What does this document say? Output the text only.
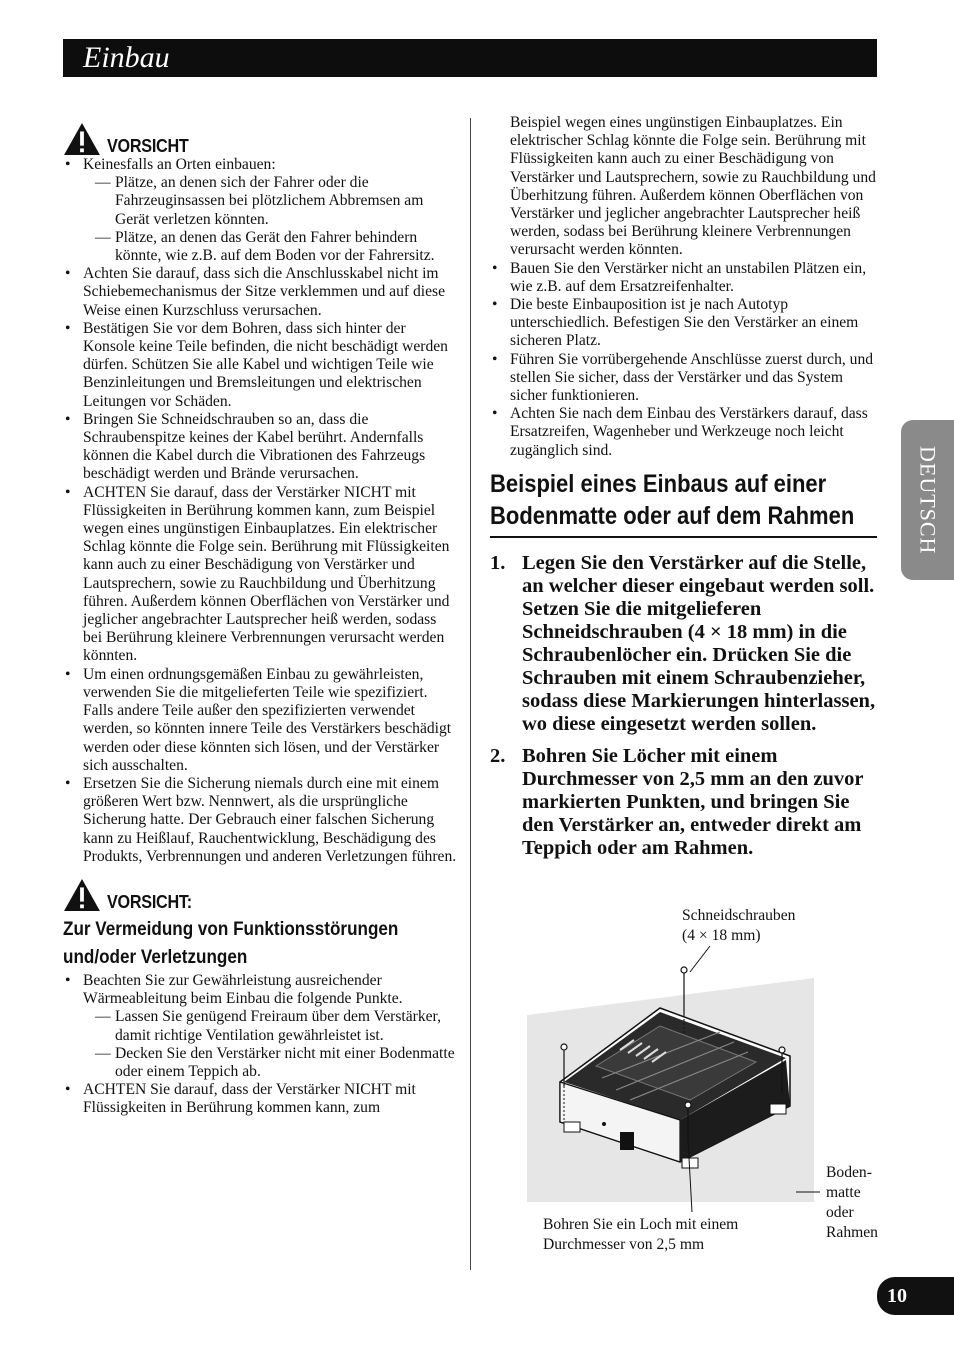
Einbau
DEUTSCH
10
VORSICHT
• Keinesfalls an Orten einbauen:
— Plätze, an denen sich der Fahrer oder die Fahrzeuginsassen bei plötzlichem Abbremsen am Gerät verletzen könnten.
— Plätze, an denen das Gerät den Fahrer behindern könnte, wie z.B. auf dem Boden vor der Fahrersitz.
• Achten Sie darauf, dass sich die Anschlusskabel nicht im Schiebemechanismus der Sitze verklemmen und auf diese Weise einen Kurzschluss verursachen.
• Bestätigen Sie vor dem Bohren, dass sich hinter der Konsole keine Teile befinden, die nicht beschädigt werden dürfen. Schützen Sie alle Kabel und wichtigen Teile wie Benzinleitungen und Bremsleitungen und elektrischen Leitungen vor Schäden.
• Bringen Sie Schneidschrauben so an, dass die Schraubenspitze keines der Kabel berührt. Andernfalls können die Kabel durch die Vibrationen des Fahrzeugs beschädigt werden und Brände verursachen.
• ACHTEN Sie darauf, dass der Verstärker NICHT mit Flüssigkeiten in Berührung kommen kann, zum Beispiel wegen eines ungünstigen Einbauplatzes. Ein elektrischer Schlag könnte die Folge sein. Berührung mit Flüssigkeiten kann auch zu einer Beschädigung von Verstärker und Lautsprechern, sowie zu Rauchbildung und Überhitzung führen. Außerdem können Oberflächen von Verstärker und jeglicher angebrachter Lautsprecher heiß werden, sodass bei Berührung kleinere Verbrennungen verursacht werden könnten.
• Um einen ordnungsgemäßen Einbau zu gewährleisten, verwenden Sie die mitgelieferten Teile wie spezifiziert. Falls andere Teile außer den spezifizierten verwendet werden, so könnten innere Teile des Verstärkers beschädigt werden oder diese könnten sich lösen, und der Verstärker sich ausschalten.
• Ersetzen Sie die Sicherung niemals durch eine mit einem größeren Wert bzw. Nennwert, als die ursprüngliche Sicherung hatte. Der Gebrauch einer falschen Sicherung kann zu Heißlauf, Rauchentwicklung, Beschädigung des Produkts, Verbrennungen und anderen Verletzungen führen.
VORSICHT:
Zur Vermeidung von Funktionsstörungen und/oder Verletzungen
• Beachten Sie zur Gewährleistung ausreichender Wärmeableitung beim Einbau die folgende Punkte.
— Lassen Sie genügend Freiraum über dem Verstärker, damit richtige Ventilation gewährleistet ist.
— Decken Sie den Verstärker nicht mit einer Bodenmatte oder einem Teppich ab.
• ACHTEN Sie darauf, dass der Verstärker NICHT mit Flüssigkeiten in Berührung kommen kann, zum
Beispiel wegen eines ungünstigen Einbauplatzes. Ein elektrischer Schlag könnte die Folge sein. Berührung mit Flüssigkeiten kann auch zu einer Beschädigung von Verstärker und Lautsprechern, sowie zu Rauchbildung und Überhitzung führen. Außerdem können Oberflächen von Verstärker und jeglicher angebrachter Lautsprecher heiß werden, sodass bei Berührung kleinere Verbrennungen verursacht werden könnten.
• Bauen Sie den Verstärker nicht an unstabilen Plätzen ein, wie z.B. auf dem Ersatzreifenhalter.
• Die beste Einbauposition ist je nach Autotyp unterschiedlich. Befestigen Sie den Verstärker an einem sicheren Platz.
• Führen Sie vorrübergehende Anschlüsse zuerst durch, und stellen Sie sicher, dass der Verstärker und das System sicher funktionieren.
• Achten Sie nach dem Einbau des Verstärkers darauf, dass Ersatzreifen, Wagenheber und Werkzeuge noch leicht zugänglich sind.
Beispiel eines Einbaus auf einer Bodenmatte oder auf dem Rahmen
1. Legen Sie den Verstärker auf die Stelle, an welcher dieser eingebaut werden soll. Setzen Sie die mitgelieferen Schneidschrauben (4 × 18 mm) in die Schraubenlöcher ein. Drücken Sie die Schrauben mit einem Schraubenzieher, sodass diese Markierungen hinterlassen, wo diese eingesetzt werden sollen.
2. Bohren Sie Löcher mit einem Durchmesser von 2,5 mm an den zuvor markierten Punkten, und bringen Sie den Verstärker an, entweder direkt am Teppich oder am Rahmen.
Schneidschrauben
(4 × 18 mm)
Boden-
matte
oder
Rahmen
Bohren Sie ein Loch mit einem
Durchmesser von 2,5 mm
